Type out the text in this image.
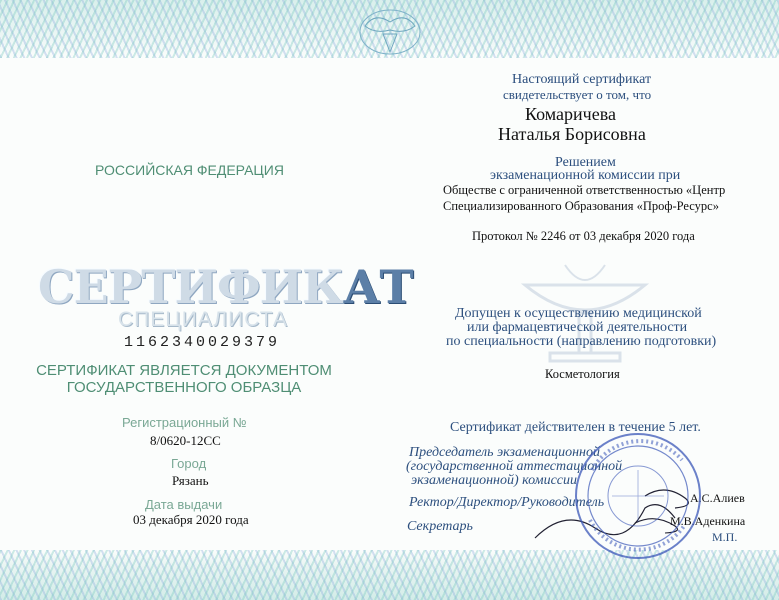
РОССИЙСКАЯ ФЕДЕРАЦИЯ
СЕРТИФИКАТ
СПЕЦИАЛИСТА
1162340029379
СЕРТИФИКАТ ЯВЛЯЕТСЯ ДОКУМЕНТОМ
ГОСУДАРСТВЕННОГО ОБРАЗЦА
Регистрационный №
8/0620-12СС
Город
Рязань
Дата выдачи
03 декабря 2020 года
Настоящий сертификат
свидетельствует о том, что
Комаричева
Наталья Борисовна
Решением
экзаменационной комиссии при
Обществе с ограниченной ответственностью «Центр
Специализированного Образования «Проф-Ресурс»
Протокол № 2246 от 03 декабря 2020 года
Допущен к осуществлению медицинской
или фармацевтической деятельности
по специальности (направлению подготовки)
Косметология
Сертификат действителен в течение 5 лет.
Председатель экзаменационной
(государственной аттестационной
экзаменационной) комиссии
Ректор/Директор/Руководитель	А.С.Алиев
Секретарь	М.В.Аденкина
М.П.
